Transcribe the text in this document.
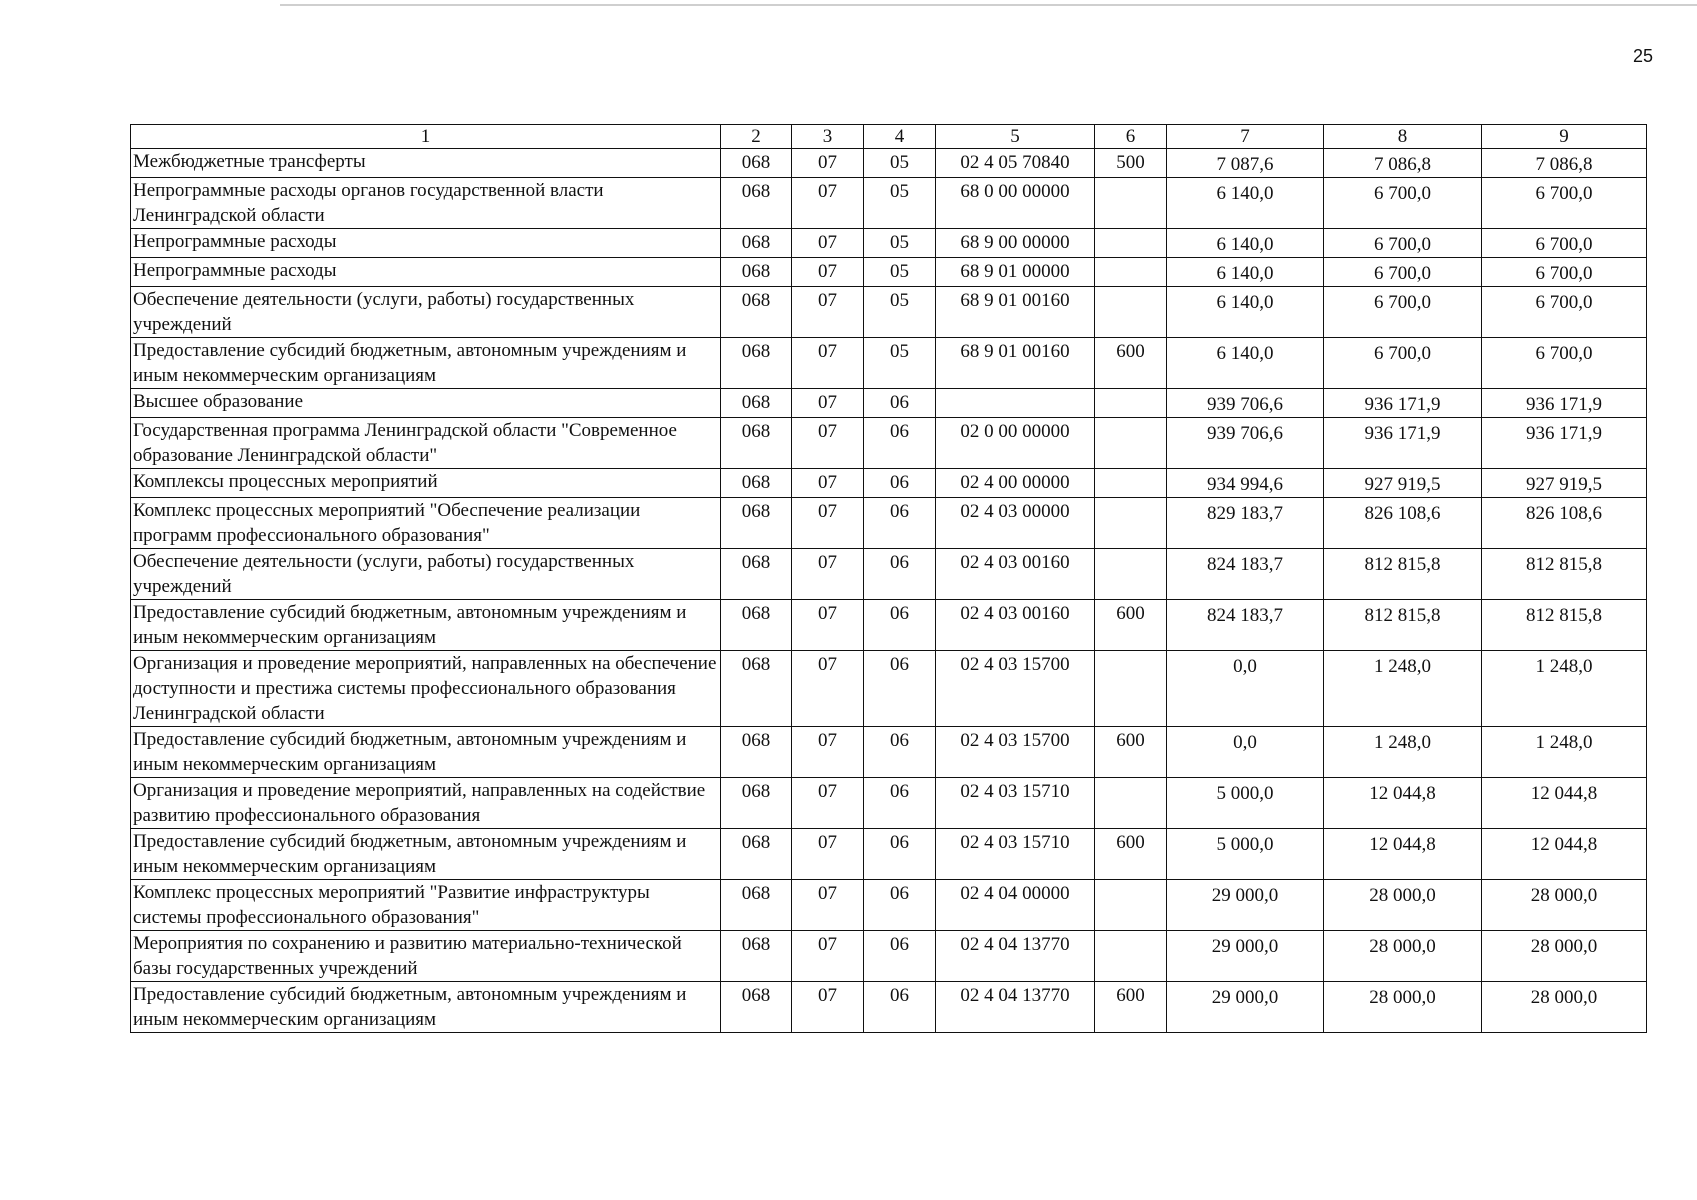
25
1	2	3	4	5	6	7	8	9
Межбюджетные трансферты	068	07	05	02 4 05 70840	500	7 087,6	7 086,8	7 086,8
Непрограммные расходы органов государственной власти Ленинградской области	068	07	05	68 0 00 00000		6 140,0	6 700,0	6 700,0
Непрограммные расходы	068	07	05	68 9 00 00000		6 140,0	6 700,0	6 700,0
Непрограммные расходы	068	07	05	68 9 01 00000		6 140,0	6 700,0	6 700,0
Обеспечение деятельности (услуги, работы) государственных учреждений	068	07	05	68 9 01 00160		6 140,0	6 700,0	6 700,0
Предоставление субсидий бюджетным, автономным учреждениям и иным некоммерческим организациям	068	07	05	68 9 01 00160	600	6 140,0	6 700,0	6 700,0
Высшее образование	068	07	06			939 706,6	936 171,9	936 171,9
Государственная программа Ленинградской области "Современное образование Ленинградской области"	068	07	06	02 0 00 00000		939 706,6	936 171,9	936 171,9
Комплексы процессных мероприятий	068	07	06	02 4 00 00000		934 994,6	927 919,5	927 919,5
Комплекс процессных мероприятий "Обеспечение реализации программ профессионального образования"	068	07	06	02 4 03 00000		829 183,7	826 108,6	826 108,6
Обеспечение деятельности (услуги, работы) государственных учреждений	068	07	06	02 4 03 00160		824 183,7	812 815,8	812 815,8
Предоставление субсидий бюджетным, автономным учреждениям и иным некоммерческим организациям	068	07	06	02 4 03 00160	600	824 183,7	812 815,8	812 815,8
Организация и проведение мероприятий, направленных на обеспечение доступности и престижа системы профессионального образования Ленинградской области	068	07	06	02 4 03 15700		0,0	1 248,0	1 248,0
Предоставление субсидий бюджетным, автономным учреждениям и иным некоммерческим организациям	068	07	06	02 4 03 15700	600	0,0	1 248,0	1 248,0
Организация и проведение мероприятий, направленных на содействие развитию профессионального образования	068	07	06	02 4 03 15710		5 000,0	12 044,8	12 044,8
Предоставление субсидий бюджетным, автономным учреждениям и иным некоммерческим организациям	068	07	06	02 4 03 15710	600	5 000,0	12 044,8	12 044,8
Комплекс процессных мероприятий "Развитие инфраструктуры системы профессионального образования"	068	07	06	02 4 04 00000		29 000,0	28 000,0	28 000,0
Мероприятия по сохранению и развитию материально-технической базы государственных учреждений	068	07	06	02 4 04 13770		29 000,0	28 000,0	28 000,0
Предоставление субсидий бюджетным, автономным учреждениям и иным некоммерческим организациям	068	07	06	02 4 04 13770	600	29 000,0	28 000,0	28 000,0
